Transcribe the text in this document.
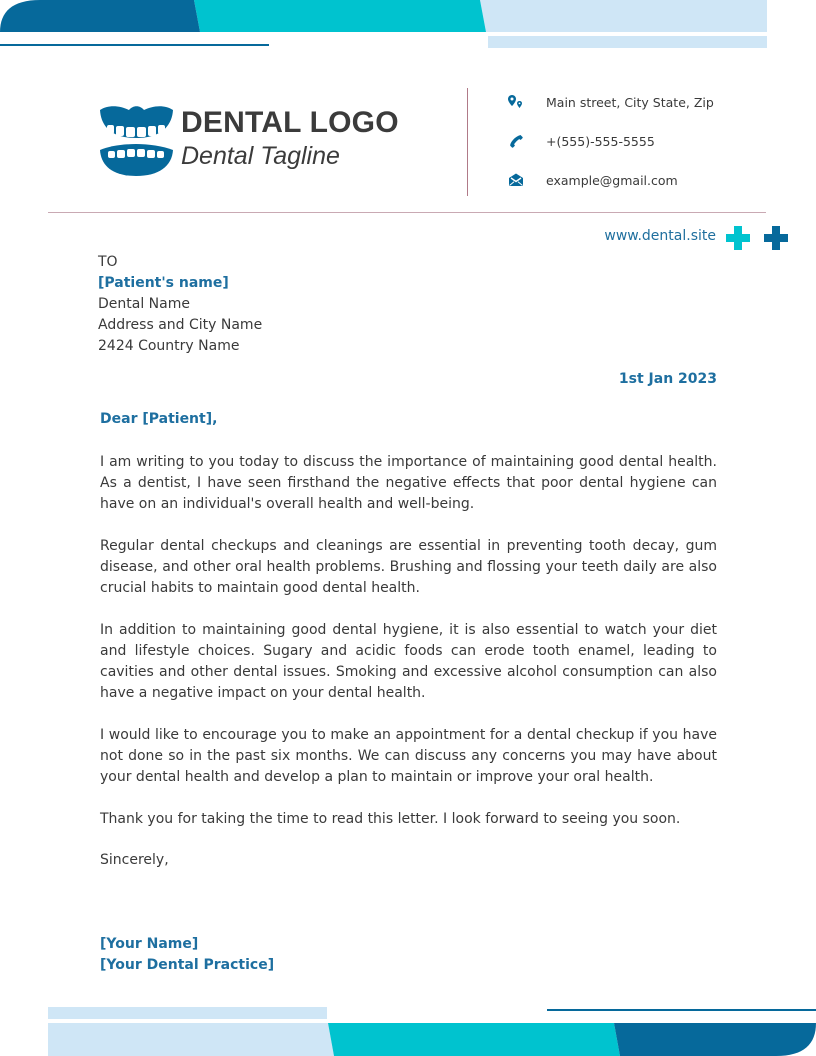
DENTAL LOGO
Dental Tagline
Main street, City State, Zip
+(555)-555-5555
example@gmail.com
www.dental.site
TO
[Patient's name]
Dental Name
Address and City Name
2424 Country Name
1st Jan 2023
Dear [Patient],

I am writing to you today to discuss the importance of maintaining good dental health. As a dentist, I have seen firsthand the negative effects that poor dental hygiene can have on an individual's overall health and well-being.

Regular dental checkups and cleanings are essential in preventing tooth decay, gum disease, and other oral health problems. Brushing and flossing your teeth daily are also crucial habits to maintain good dental health.

In addition to maintaining good dental hygiene, it is also essential to watch your diet and lifestyle choices. Sugary and acidic foods can erode tooth enamel, leading to cavities and other dental issues. Smoking and excessive alcohol consumption can also have a negative impact on your dental health.

I would like to encourage you to make an appointment for a dental checkup if you have not done so in the past six months. We can discuss any concerns you may have about your dental health and develop a plan to maintain or improve your oral health.

Thank you for taking the time to read this letter. I look forward to seeing you soon.

Sincerely,
[Your Name]
[Your Dental Practice]
